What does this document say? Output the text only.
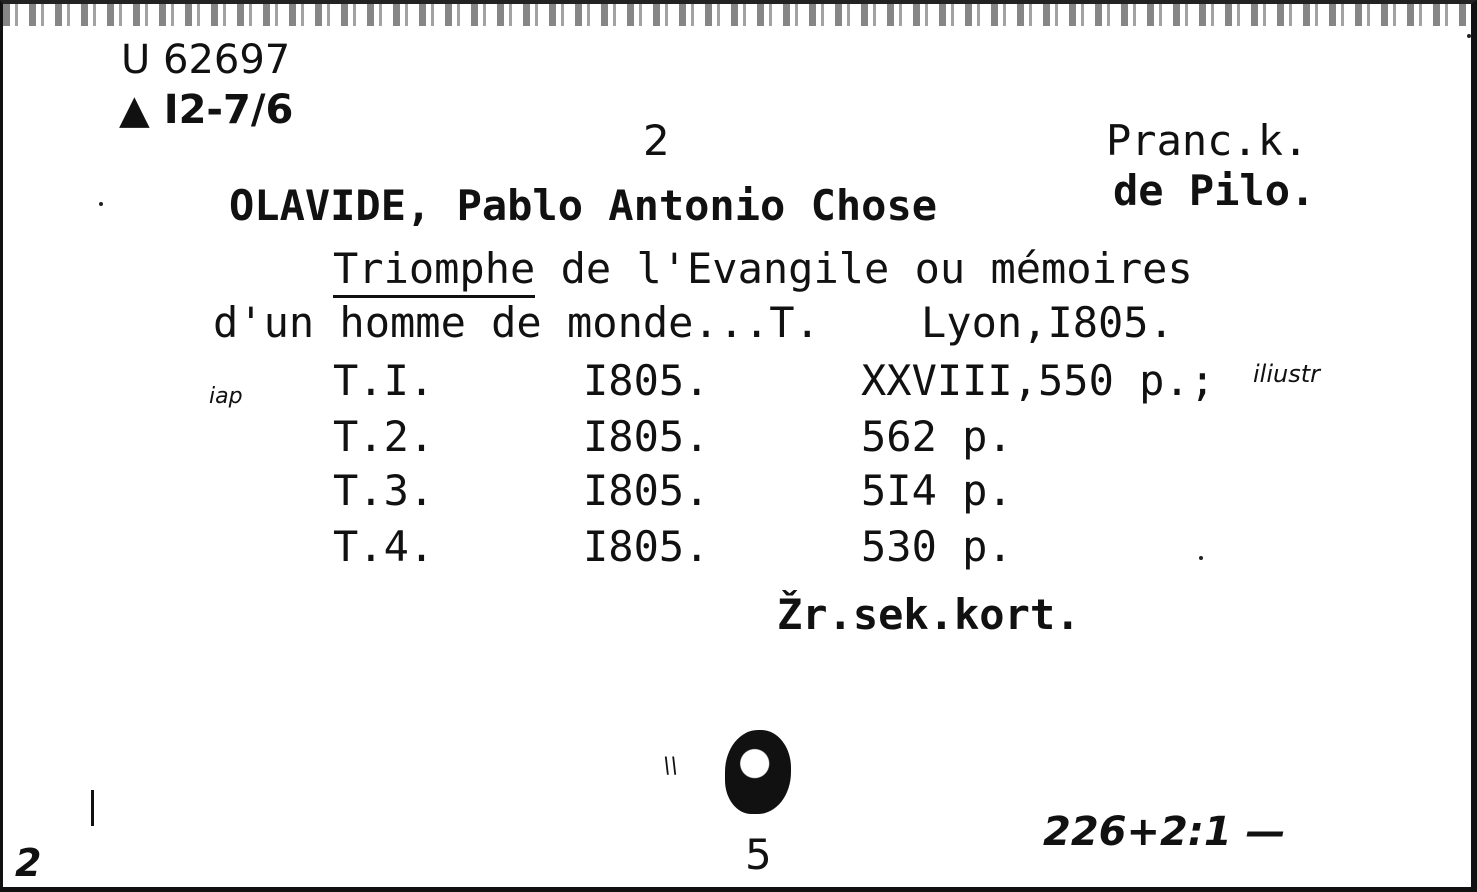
U 62697
▲ I2-7/6
2	Pranc.k.
OLAVIDE, Pablo Antonio Chose	de Pilo.
Triomphe de l'Evangile ou mémoires
d'un homme de monde...T.    Lyon,I805.
iap T.I.	I805.	XXVIII,550 p.; iliustr
T.2.	I805.	562 p.
T.3.	I805.	5I4 p.
T.4.	I805.	530 p.
Žr.sek.kort.
\\
5
2
226+2:1 —
